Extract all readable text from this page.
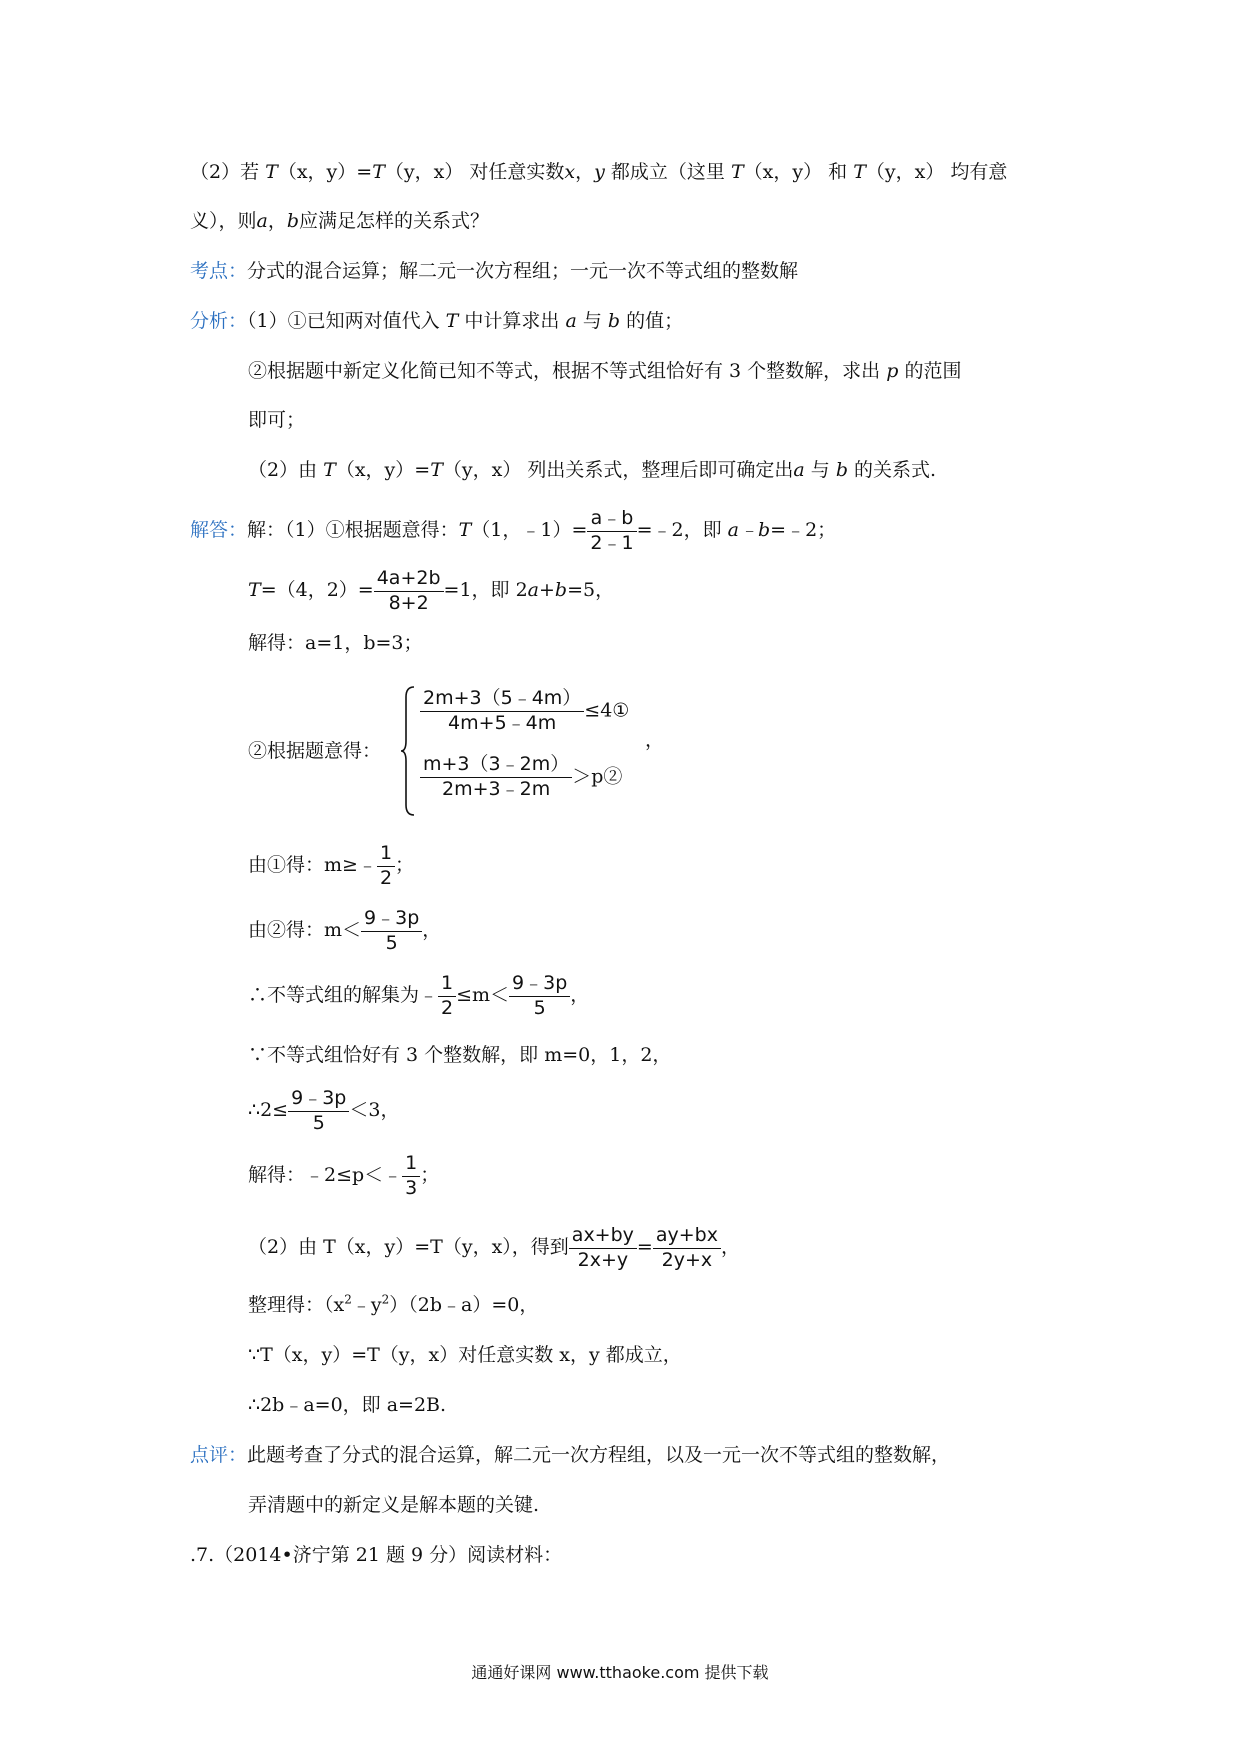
（2）若 T（x，y）=T（y，x） 对任意实数x，y 都成立（这里 T（x，y） 和 T（y，x） 均有意
义），则a，b应满足怎样的关系式？
考点：分式的混合运算；解二元一次方程组；一元一次不等式组的整数解
分析：（1）①已知两对值代入 T 中计算求出 a 与 b 的值；
②根据题中新定义化简已知不等式，根据不等式组恰好有 3 个整数解，求出 p 的范围
即可；
（2）由 T（x，y）=T（y，x） 列出关系式，整理后即可确定出a 与 b 的关系式.
解答：解：（1）①根据题意得：T（1，﹣1）= $\frac{a﹣b}{2﹣1}$ =﹣2，即 a﹣b=﹣2；
T=（4，$2)= \frac{4a+2b}{8+2} =1$，即 2a+b=5，
解得：a=1，b=3；
②根据题意得：
$\frac{2m+3(5﹣4m)}{4m+5﹣4m}$ ≤4①
$\frac{m+3(3﹣2m)}{2m+3﹣2m}$ ＞p②
，
由①得：m≥﹣ $\frac{1}{2}$ ；
由②得：$m< \frac{9﹣3p}{5}$ ，
∴不等式组的解集为﹣ $\frac{1}{2} \le m< \frac{9﹣3p}{5}$ ，
∵不等式组恰好有 3 个整数解，即 m=0，1，2，
∴2≤ $\frac{9﹣3p}{5} <3$，
解得：﹣2≤p＜﹣ $\frac{1}{3}$ ；
（2）由 T（x，y）=T（y，x），得到 $\frac{ax+by}{2x+y} = \frac{ay+bx}{2y+x}$ ，
整理得：$(x^2﹣y^2)(2b﹣a)=0$，
∵T（x，y）=T（y，x）对任意实数 x，y 都成立，
∴2b﹣a=0，即 a=2B.
点评：此题考查了分式的混合运算，解二元一次方程组，以及一元一次不等式组的整数解，
弄清题中的新定义是解本题的关键.
.7.（2014•济宁第 21 题 9 分）阅读材料：
通通好课网 www.tthaoke.com 提供下载
